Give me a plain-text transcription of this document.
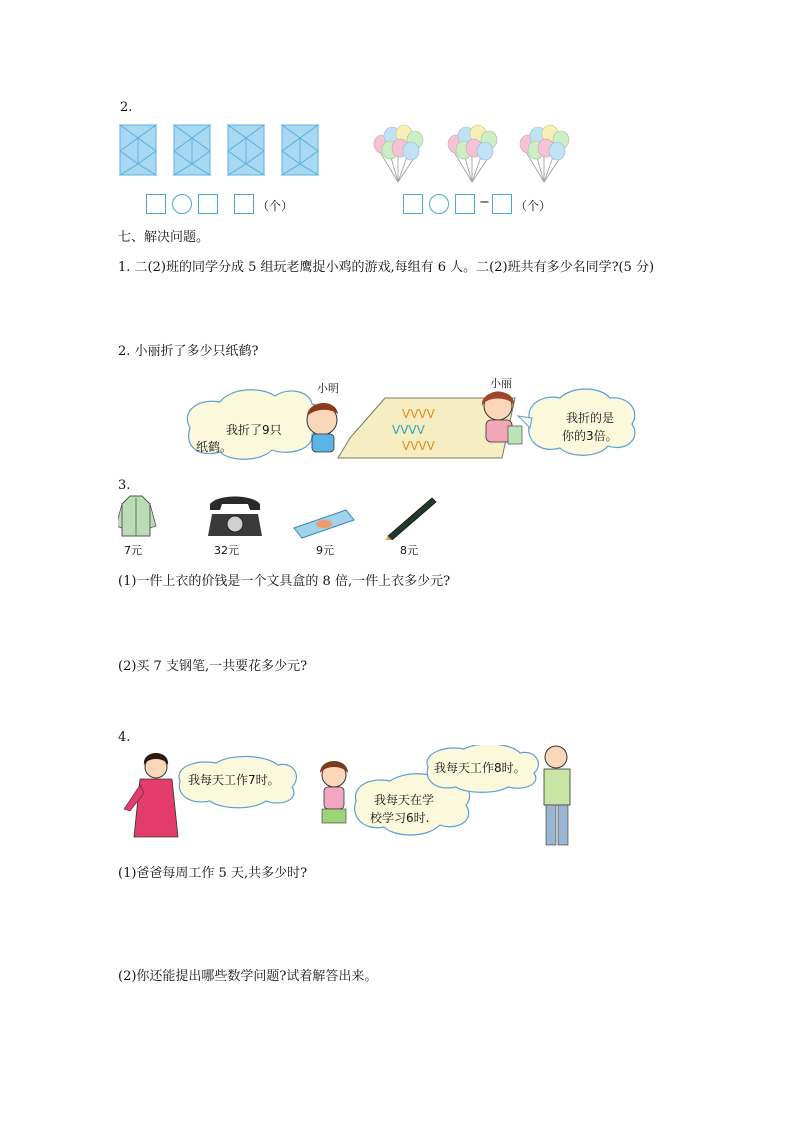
2.
（个）	− （个）
七、解决问题。
1. 二(2)班的同学分成 5 组玩老鹰捉小鸡的游戏,每组有 6 人。二(2)班共有多少名同学?(5 分)
2. 小丽折了多少只纸鹤?
ⅤⅤⅤⅤ
ⅤⅤⅤⅤ
ⅤⅤⅤⅤ
小明	小丽
我折了9只
纸鹤。
我折的是
你的3倍。
3.
7元	32元	9元	8元
(1)一件上衣的价钱是一个文具盒的 8 倍,一件上衣多少元?
(2)买 7 支钢笔,一共要花多少元?
4.
我每天工作7时。
我每天在学
校学习6时.
我每天工作8时。
(1)爸爸每周工作 5 天,共多少时?
(2)你还能提出哪些数学问题?试着解答出来。
